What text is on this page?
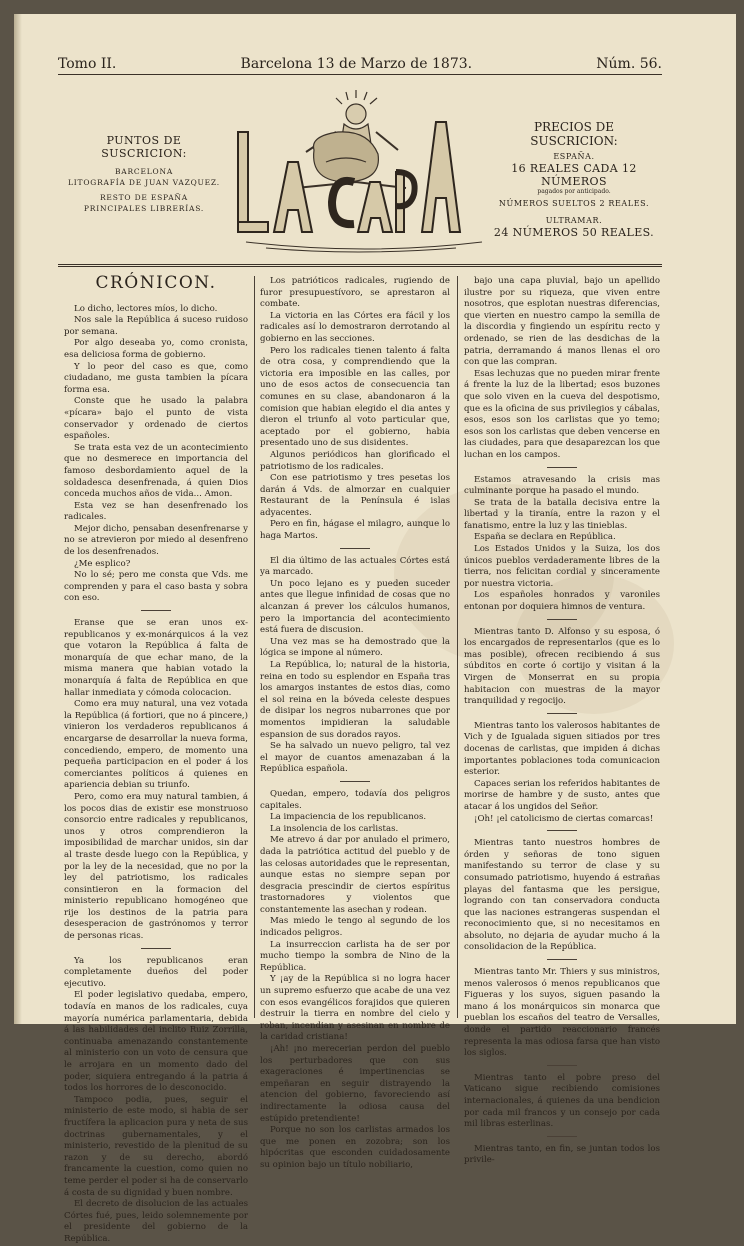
Tomo II.	Barcelona 13 de Marzo de 1873.	Núm. 56.
PUNTOS DE SUSCRICION:
BARCELONA
LITOGRAFÍA DE JUAN VAZQUEZ.
RESTO DE ESPAÑA
PRINCIPALES LIBRERÍAS.
PRECIOS DE SUSCRICION:
ESPAÑA.
16 REALES CADA 12 NÚMEROS
pagados por anticipado.
NÚMEROS SUELTOS 2 REALES.
ULTRAMAR.
24 NÚMEROS 50 REALES.
CRÓNICON.

Lo dicho, lectores míos, lo dicho.

Nos sale la República á suceso ruidoso por semana.

Por algo deseaba yo, como cronista, esa deliciosa forma de gobierno.

Y lo peor del caso es que, como ciudadano, me gusta tambien la pícara forma esa.

Conste que he usado la palabra «pícara» bajo el punto de vista conservador y ordenado de ciertos españoles.

Se trata esta vez de un acontecimiento que no desmerece en importancia del famoso desbordamiento aquel de la soldadesca desenfrenada, á quien Dios conceda muchos años de vida... Amon.

Esta vez se han desenfrenado los radicales.

Mejor dicho, pensaban desenfrenarse y no se atrevieron por miedo al desenfreno de los desenfrenados.

¿Me esplico?

No lo sé; pero me consta que Vds. me comprenden y para el caso basta y sobra con eso.

Eranse que se eran unos ex-republicanos y ex-monárquicos á la vez que votaron la República á falta de monarquía de que echar mano, de la misma manera que habian votado la monarquía á falta de República en que hallar inmediata y cómoda colocacion.

Como era muy natural, una vez votada la República (á fortiori, que no á pincere,) vinieron los verdaderos republicanos á encargarse de desarrollar la nueva forma, concediendo, empero, de momento una pequeña participacion en el poder á los comerciantes políticos á quienes en apariencia debian su triunfo.

Pero, como era muy natural tambien, á los pocos dias de existir ese monstruoso consorcio entre radicales y republicanos, unos y otros comprendieron la imposibilidad de marchar unidos, sin dar al traste desde luego con la República, y por la ley de la necesidad, que no por la ley del patriotismo, los radicales consintieron en la formacion del ministerio republicano homogéneo que rije los destinos de la patria para desesperacion de gastrónomos y terror de personas ricas.

Ya los republicanos eran completamente dueños del poder ejecutivo.

El poder legislativo quedaba, empero, todavía en manos de los radicales, cuya mayoría numérica parlamentaria, debida á las habilidades del inclito Ruiz Zorrilla, continuaba amenazando constantemente al ministerio con un voto de censura que le arrojara en un momento dado del poder, siquiera entregando á la patria á todos los horrores de lo desconocido.

Tampoco podia, pues, seguir el ministerio de este modo, si habia de ser fructífera la aplicacion pura y neta de sus doctrinas gubernamentales, y el ministerio, revestido de la plenitud de su razon y de su derecho, abordó francamente la cuestion, como quien no teme perder el poder si ha de conservarlo á costa de su dignidad y buen nombre.

El decreto de disolucion de las actuales Córtes fué, pues, leido solemnemente por el presidente del gobierno de la República.

Los patrióticos radicales, rugiendo de furor presupuestívoro, se aprestaron al combate.

La victoria en las Córtes era fácil y los radicales así lo demostraron derrotando al gobierno en las secciones.

Pero los radicales tienen talento á falta de otra cosa, y comprendiendo que la victoria era imposible en las calles, por uno de esos actos de consecuencia tan comunes en su clase, abandonaron á la comision que habian elegido el dia antes y dieron el triunfo al voto particular que, aceptado por el gobierno, habia presentado uno de sus disidentes.

Algunos periódicos han glorificado el patriotismo de los radicales.

Con ese patriotismo y tres pesetas los darán á Vds. de almorzar en cualquier Restaurant de la Península é islas adyacentes.

Pero en fin, hágase el milagro, aunque lo haga Martos.

El dia último de las actuales Córtes está ya marcado.

Un poco lejano es y pueden suceder antes que llegue infinidad de cosas que no alcanzan á prever los cálculos humanos, pero la importancia del acontecimiento está fuera de discusion.

Una vez mas se ha demostrado que la lógica se impone al número.

La República, lo; natural de la historia, reina en todo su esplendor en España tras los amargos instantes de estos dias, como el sol reina en la bóveda celeste despues de disipar los negros nubarrones que por momentos impidieran la saludable espansion de sus dorados rayos.

Se ha salvado un nuevo peligro, tal vez el mayor de cuantos amenazaban á la República española.

Quedan, empero, todavía dos peligros capitales.

La impaciencia de los republicanos.

La insolencia de los carlistas.

Me atrevo á dar por anulado el primero, dada la patriótica actitud del pueblo y de las celosas autoridades que le representan, aunque estas no siempre sepan por desgracia prescindir de ciertos espíritus trastornadores y violentos que constantemente las asechan y rodean.

Mas miedo le tengo al segundo de los indicados peligros.

La insurreccion carlista ha de ser por mucho tiempo la sombra de Nino de la República.

Y ¡ay de la República si no logra hacer un supremo esfuerzo que acabe de una vez con esos evangélicos forajidos que quieren destruir la tierra en nombre del cielo y roban, incendian y asesinan en nombre de la caridad cristiana!

¡Ah! ¡no merecerian perdon del pueblo los perturbadores que con sus exageraciones é impertinencias se empeñaran en seguir distrayendo la atencion del gobierno, favoreciendo así indirectamente la odiosa causa del estúpido pretendiente!

Porque no son los carlistas armados los que me ponen en zozobra; son los hipócritas que esconden cuidadosamente su opinion bajo un título nobiliario,

bajo una capa pluvial, bajo un apellido ilustre por su riqueza, que viven entre nosotros, que esplotan nuestras diferencias, que vierten en nuestro campo la semilla de la discordia y fingiendo un espíritu recto y ordenado, se rien de las desdichas de la patria, derramando á manos llenas el oro con que las compran.

Esas lechuzas que no pueden mirar frente á frente la luz de la libertad; esos buzones que solo viven en la cueva del despotismo, que es la oficina de sus privilegios y cábalas, esos, esos son los carlistas que yo temo; esos son los carlistas que deben vencerse en las ciudades, para que desaparezcan los que luchan en los campos.

Estamos atravesando la crisis mas culminante porque ha pasado el mundo.

Se trata de la batalla decisiva entre la libertad y la tiranía, entre la razon y el fanatismo, entre la luz y las tinieblas.

España se declara en República.

Los Estados Unidos y la Suiza, los dos únicos pueblos verdaderamente libres de la tierra, nos felicitan cordial y sinceramente por nuestra victoria.

Los españoles honrados y varoniles entonan por doquiera himnos de ventura.

Mientras tanto D. Alfonso y su esposa, ó los encargados de representarlos (que es lo mas posible), ofrecen recibiendo á sus súbditos en corte ó cortijo y visitan á la Virgen de Monserrat en su propia habitacion con muestras de la mayor tranquilidad y regocijo.

Mientras tanto los valerosos habitantes de Vich y de Igualada siguen sitiados por tres docenas de carlistas, que impiden á dichas importantes poblaciones toda comunicacion esterior.

Capaces serian los referidos habitantes de morirse de hambre y de susto, antes que atacar á los ungidos del Señor.

¡Oh! ¡el catolicismo de ciertas comarcas!

Mientras tanto nuestros hombres de órden y señoras de tono siguen manifestando su terror de clase y su consumado patriotismo, huyendo á estrañas playas del fantasma que les persigue, logrando con tan conservadora conducta que las naciones estrangeras suspendan el reconocimiento que, si no necesitamos en absoluto, no dejaria de ayudar mucho á la consolidacion de la República.

Mientras tanto Mr. Thiers y sus ministros, menos valerosos ó menos republicanos que Figueras y los suyos, siguen pasando la mano á los monárquicos sin monarca que pueblan los escaños del teatro de Versalles, donde el partido reaccionario francés representa la mas odiosa farsa que han visto los siglos.

Mientras tanto el pobre preso del Vaticano sigue recibiendo comisiones internacionales, á quienes da una bendicion por cada mil francos y un consejo por cada mil libras esterlinas.

Mientras tanto, en fin, se juntan todos los privile-
